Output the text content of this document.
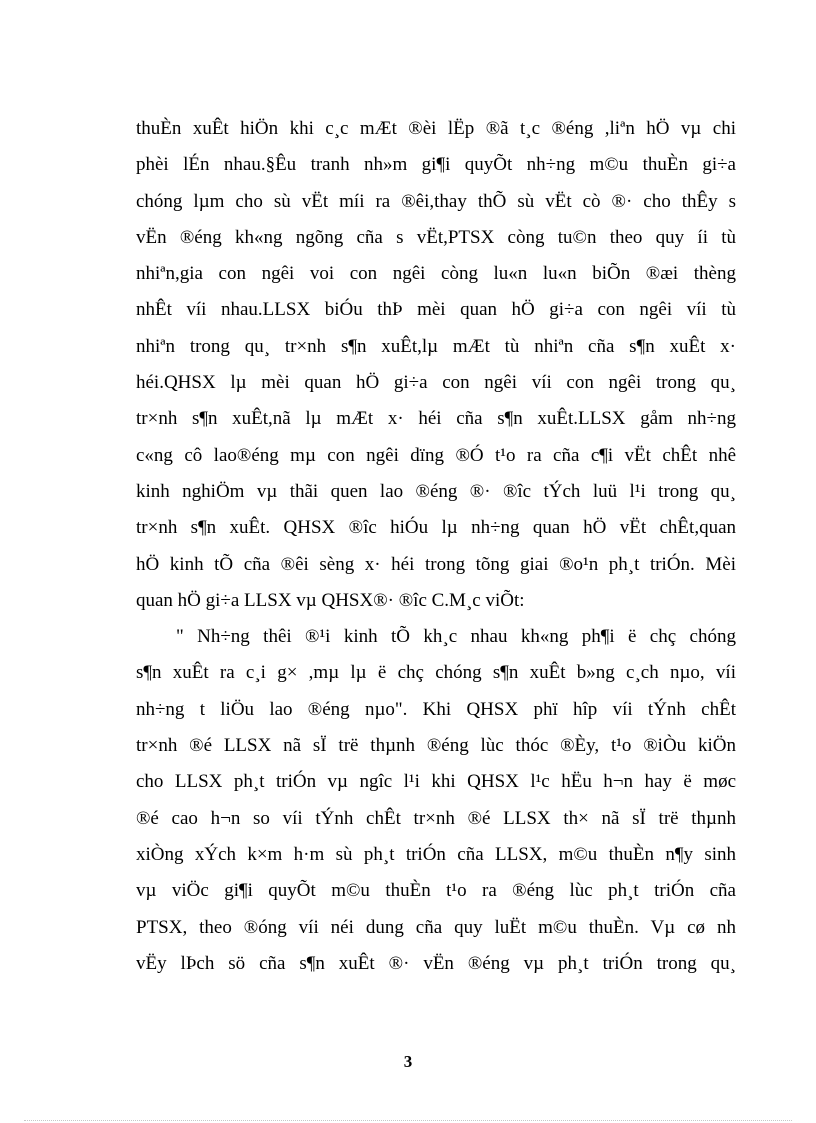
thuÈn xuÊt hiÖn khi c¸c mÆt ®èi lËp ®ã t¸c ®éng ,liªn hÖ vµ chi
phèi lÉn nhau.§Êu tranh nh»m gi¶i quyÕt nh÷ng m©u thuÈn gi÷a
chóng lµm cho sù vËt míi ra ®êi,thay thÕ sù vËt cò ®· cho thÊy s
vËn ®éng kh«ng ngõng cña s vËt,PTSX còng tu©n theo quy íi tù
nhiªn,gia con ngêi voi con ngêi còng lu«n lu«n biÕn ®æi thèng
nhÊt víi nhau.LLSX biÓu thÞ mèi quan hÖ gi÷a con ngêi víi tù
nhiªn trong qu¸ tr×nh s¶n xuÊt,lµ mÆt tù nhiªn cña s¶n xuÊt x·
héi.QHSX lµ mèi quan hÖ gi÷a con ngêi víi con ngêi trong qu¸
tr×nh s¶n xuÊt,nã lµ mÆt x· héi cña s¶n xuÊt.LLSX gåm nh÷ng
c«ng cô lao®éng mµ con ngêi dïng ®Ó t¹o ra cña c¶i vËt chÊt nhê
kinh nghiÖm vµ thãi quen lao ®éng ®· ®îc tÝch luü l¹i trong qu¸
tr×nh s¶n xuÊt. QHSX ®îc hiÓu lµ nh÷ng quan hÖ vËt chÊt,quan
hÖ kinh tÕ cña ®êi sèng x· héi trong tõng giai ®o¹n ph¸t triÓn. Mèi
quan hÖ gi÷a LLSX vµ QHSX®· ®îc C.M¸c viÕt:
" Nh÷ng thêi ®¹i kinh tÕ kh¸c nhau kh«ng ph¶i ë chç chóng
s¶n xuÊt ra c¸i g× ,mµ lµ ë chç chóng s¶n xuÊt b»ng c¸ch nµo, víi
nh÷ng t liÖu lao ®éng nµo". Khi QHSX phï hîp víi tÝnh chÊt
tr×nh ®é LLSX nã sÏ trë thµnh ®éng lùc thóc ®Èy, t¹o ®iÒu kiÖn
cho LLSX ph¸t triÓn vµ ngîc l¹i khi QHSX l¹c hËu h¬n hay ë møc
®é cao h¬n so víi tÝnh chÊt tr×nh ®é LLSX th× nã sÏ trë thµnh
xiÒng xÝch k×m h·m sù ph¸t triÓn cña LLSX, m©u thuÈn n¶y sinh
vµ viÖc gi¶i quyÕt m©u thuÈn t¹o ra ®éng lùc ph¸t triÓn cña
PTSX, theo ®óng víi néi dung cña quy luËt m©u thuÈn. Vµ cø nh
vËy lÞch sö cña s¶n xuÊt ®· vËn ®éng vµ ph¸t triÓn trong qu¸
3
